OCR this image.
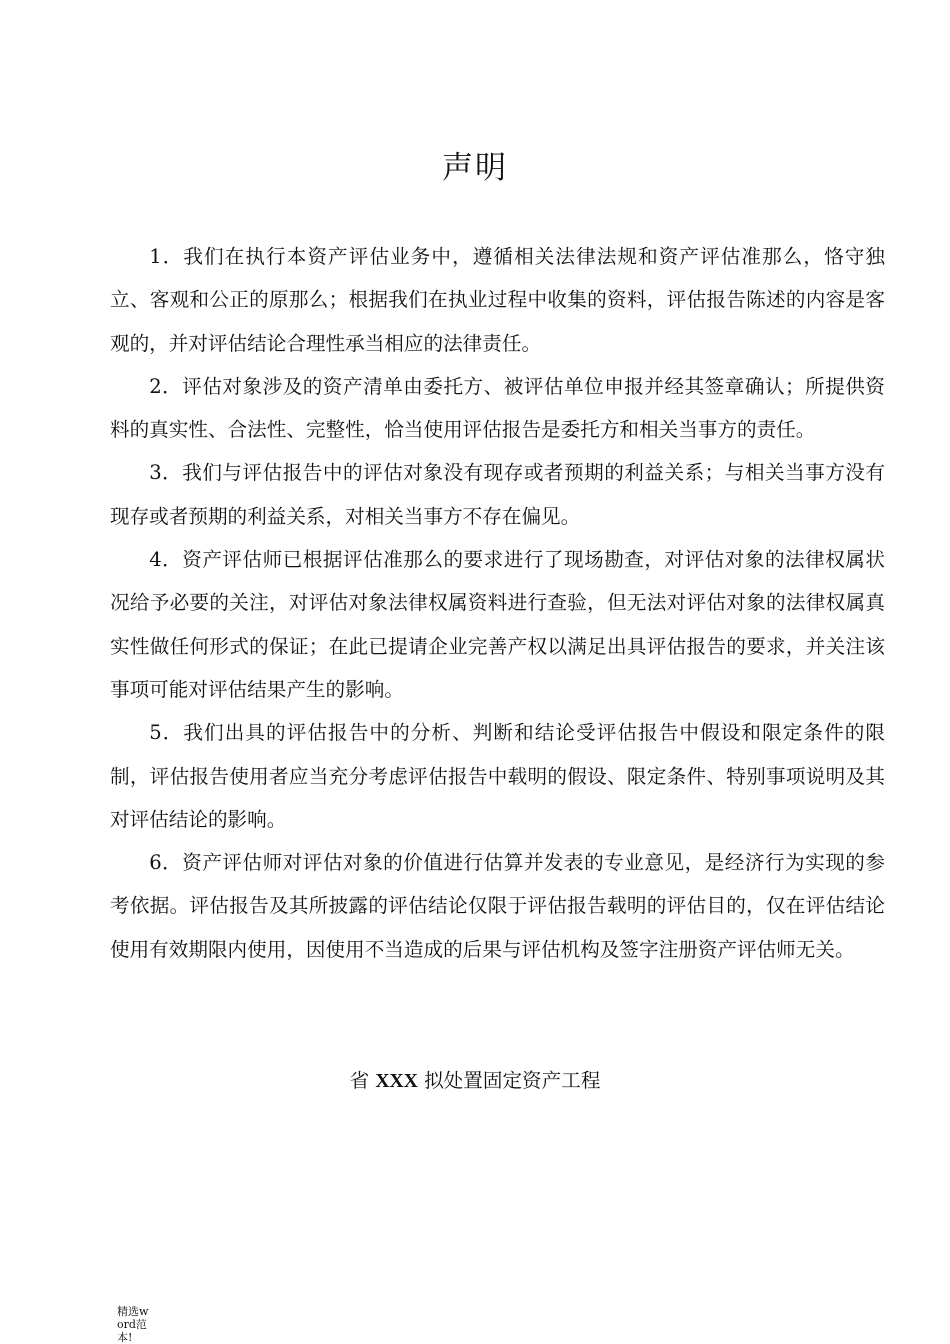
声明

1．我们在执行本资产评估业务中，遵循相关法律法规和资产评估准那么，恪守独立、客观和公正的原那么；根据我们在执业过程中收集的资料，评估报告陈述的内容是客观的，并对评估结论合理性承当相应的法律责任。

2．评估对象涉及的资产清单由委托方、被评估单位申报并经其签章确认；所提供资料的真实性、合法性、完整性，恰当使用评估报告是委托方和相关当事方的责任。

3．我们与评估报告中的评估对象没有现存或者预期的利益关系；与相关当事方没有现存或者预期的利益关系，对相关当事方不存在偏见。

4．资产评估师已根据评估准那么的要求进行了现场勘查，对评估对象的法律权属状况给予必要的关注，对评估对象法律权属资料进行查验，但无法对评估对象的法律权属真实性做任何形式的保证；在此已提请企业完善产权以满足出具评估报告的要求，并关注该事项可能对评估结果产生的影响。

5．我们出具的评估报告中的分析、判断和结论受评估报告中假设和限定条件的限制，评估报告使用者应当充分考虑评估报告中载明的假设、限定条件、特别事项说明及其对评估结论的影响。

6．资产评估师对评估对象的价值进行估算并发表的专业意见，是经济行为实现的参考依据。评估报告及其所披露的评估结论仅限于评估报告载明的评估目的，仅在评估结论使用有效期限内使用，因使用不当造成的后果与评估机构及签字注册资产评估师无关。

省 XXX 拟处置固定资产工程
精选word范本!
